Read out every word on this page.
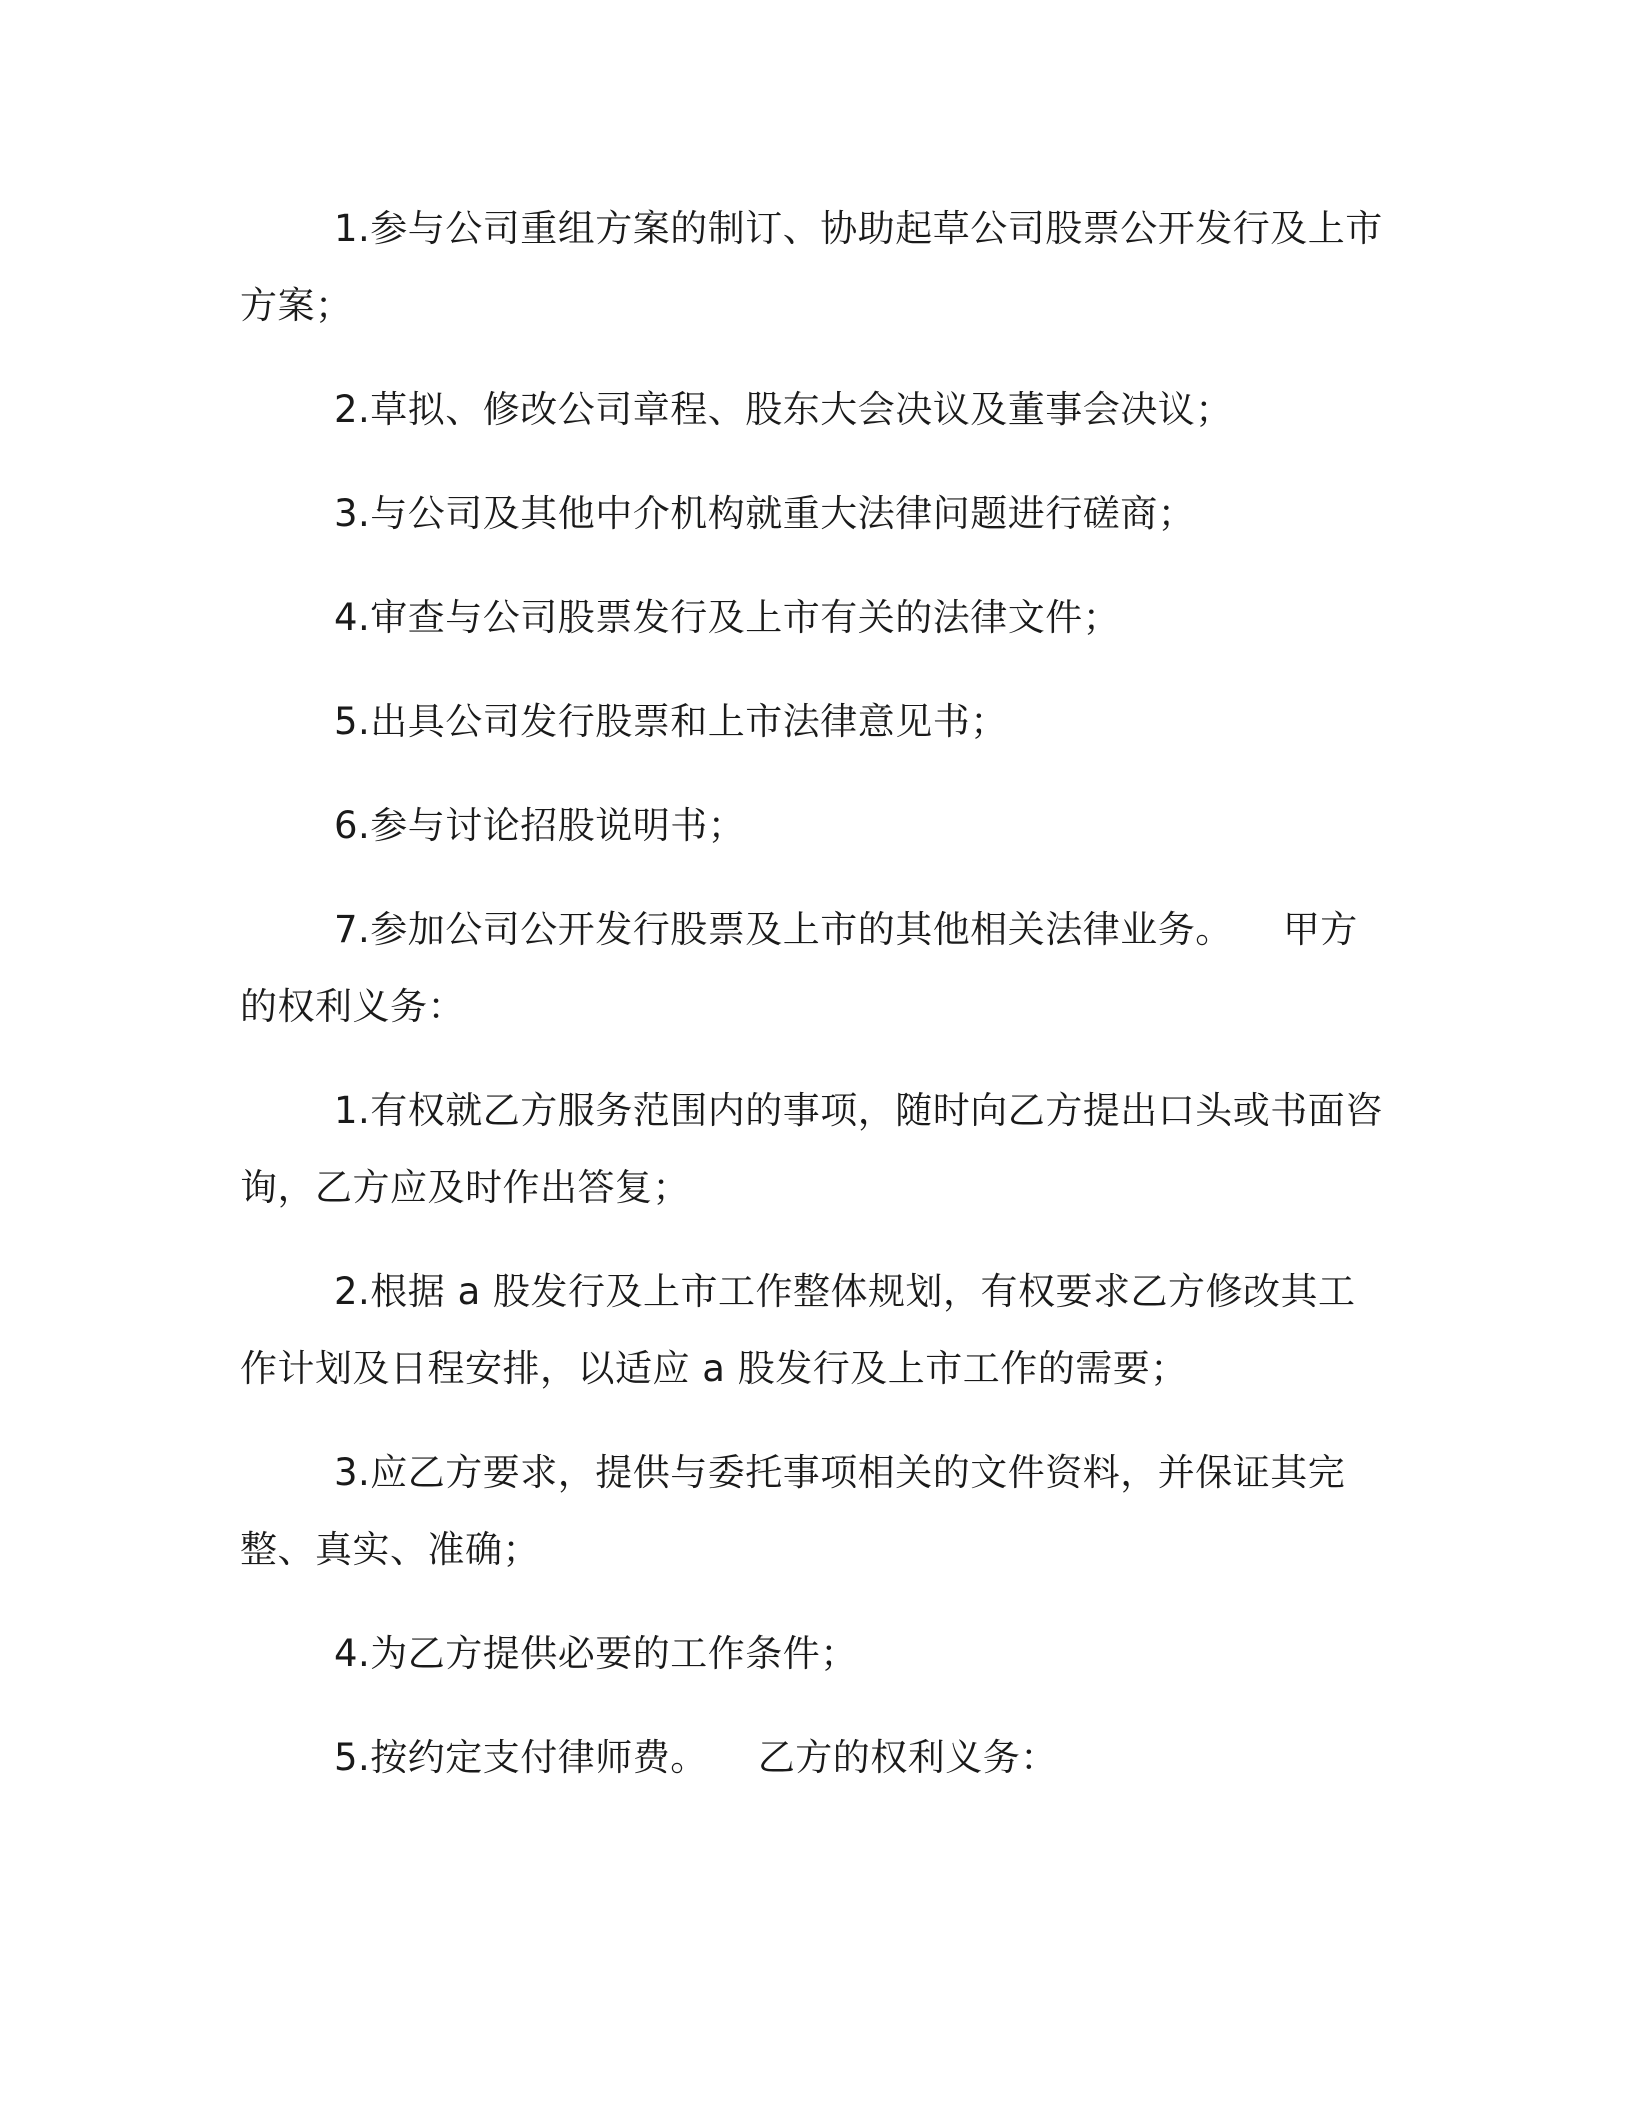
1.参与公司重组方案的制订、协助起草公司股票公开发行及上市方案；

2.草拟、修改公司章程、股东大会决议及董事会决议；

3.与公司及其他中介机构就重大法律问题进行磋商；

4.审查与公司股票发行及上市有关的法律文件；

5.出具公司发行股票和上市法律意见书；

6.参与讨论招股说明书；

7.参加公司公开发行股票及上市的其他相关法律业务。 甲方的权利义务：

1.有权就乙方服务范围内的事项，随时向乙方提出口头或书面咨询，乙方应及时作出答复；

2.根据 a 股发行及上市工作整体规划，有权要求乙方修改其工作计划及日程安排，以适应 a 股发行及上市工作的需要；

3.应乙方要求，提供与委托事项相关的文件资料，并保证其完整、真实、准确；

4.为乙方提供必要的工作条件；

5.按约定支付律师费。 乙方的权利义务：
